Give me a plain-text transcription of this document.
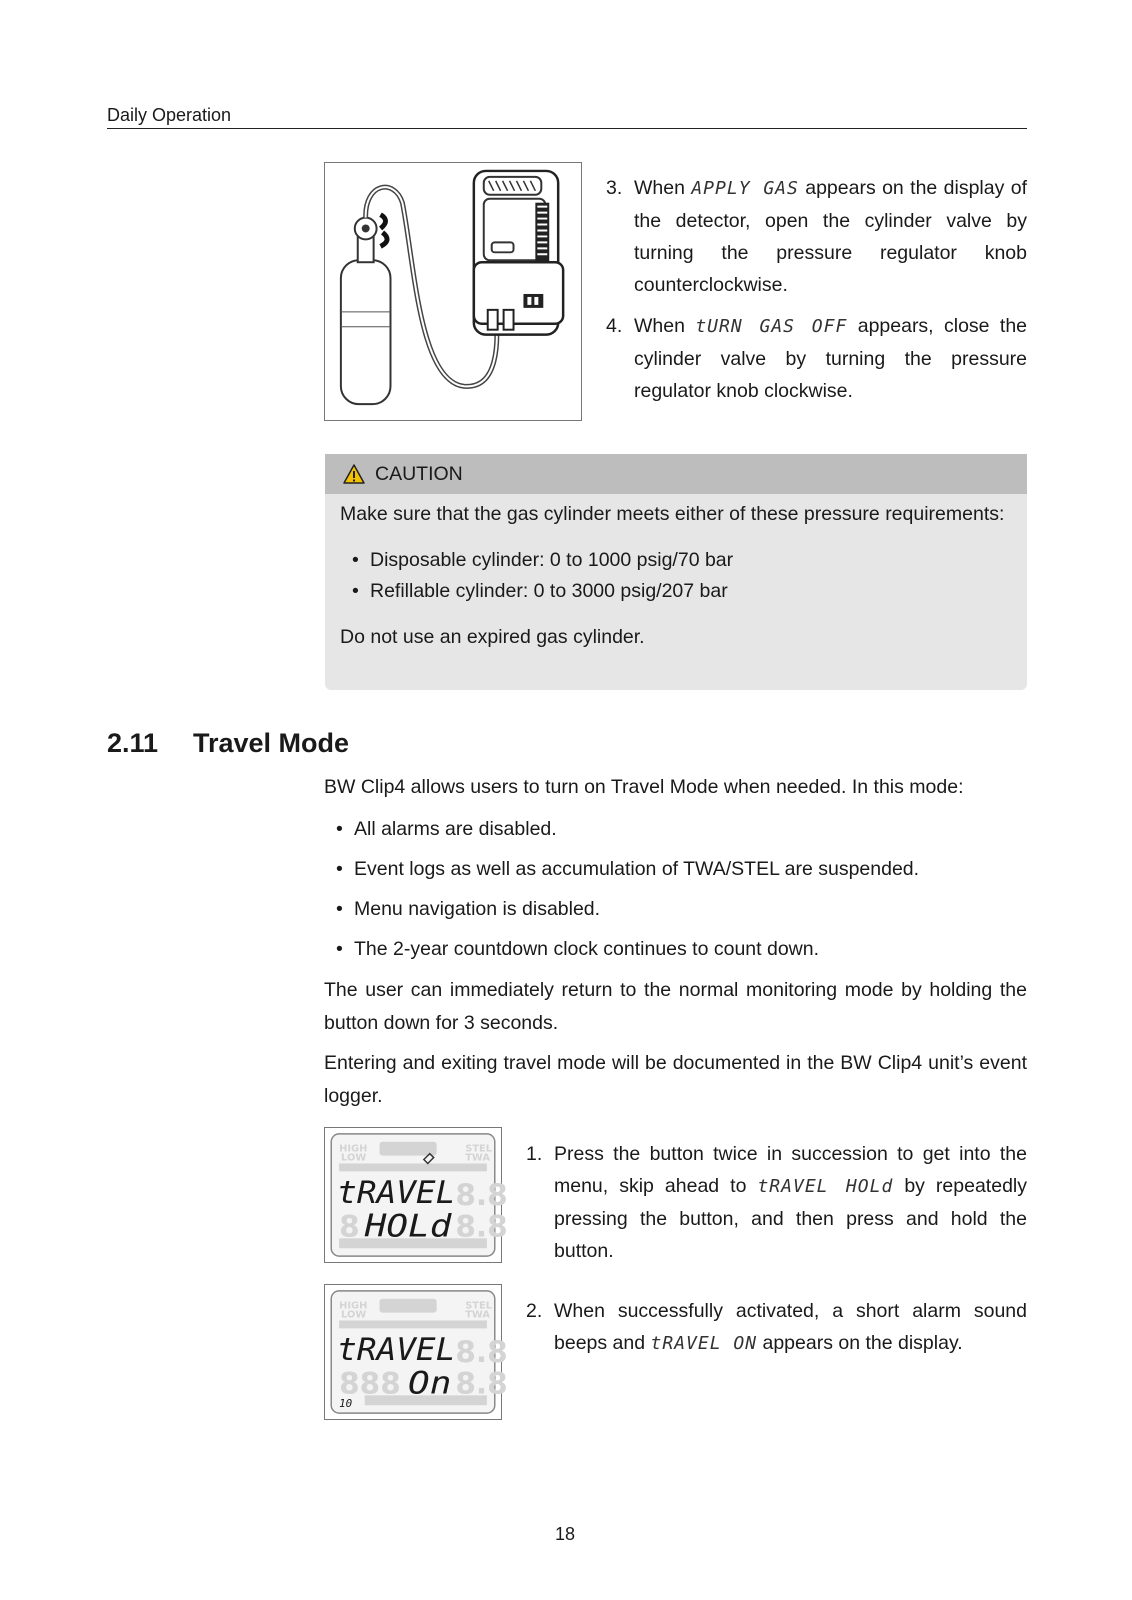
Daily Operation
3. When APPLY GAS appears on the display of the detector, open the cylinder valve by turning the pressure regulator knob counterclockwise.
4. When tURN GAS OFF appears, close the cylinder valve by turning the pressure regulator knob clockwise.
CAUTION

Make sure that the gas cylinder meets either of these pressure requirements:

• Disposable cylinder: 0 to 1000 psig/70 bar
• Refillable cylinder: 0 to 3000 psig/207 bar

Do not use an expired gas cylinder.

2.11 Travel Mode

BW Clip4 allows users to turn on Travel Mode when needed. In this mode:

• All alarms are disabled.
• Event logs as well as accumulation of TWA/STEL are suspended.
• Menu navigation is disabled.
• The 2-year countdown clock continues to count down.

The user can immediately return to the normal monitoring mode by holding the button down for 3 seconds.

Entering and exiting travel mode will be documented in the BW Clip4 unit’s event logger.

HIGH	STEL
LOW	TWA
8.8
8.8
8
tRAVEL
HOLd
1. Press the button twice in succession to get into the menu, skip ahead to tRAVEL HOLd by repeatedly pressing the button, and then press and hold the button.
HIGH	STEL
LOW	TWA
8.8
8.8
888
tRAVEL
On
10
2. When successfully activated, a short alarm sound beeps and tRAVEL ON appears on the display.
18
